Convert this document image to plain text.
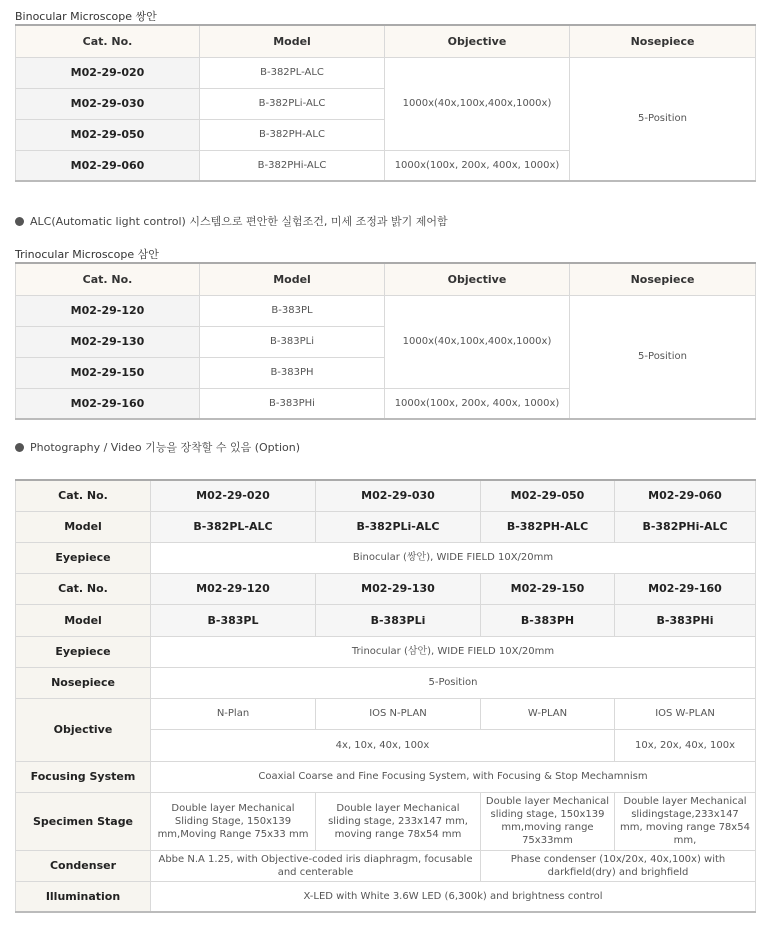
Binocular Microscope 쌍안
Cat. No.	Model	Objective	Nosepiece
M02-29-020	B-382PL-ALC	1000x(40x,100x,400x,1000x)	5-Position
M02-29-030	B-382PLi-ALC		
M02-29-050	B-382PH-ALC		
M02-29-060	B-382PHi-ALC	1000x(100x, 200x, 400x, 1000x)	
ALC(Automatic light control) 시스템으로 편안한 실험조건, 미세 조정과 밝기 제어함
Trinocular Microscope 삼안
Cat. No.	Model	Objective	Nosepiece
M02-29-120	B-383PL	1000x(40x,100x,400x,1000x)	5-Position
M02-29-130	B-383PLi		
M02-29-150	B-383PH		
M02-29-160	B-383PHi	1000x(100x, 200x, 400x, 1000x)	
Photography / Video 기능을 장착할 수 있음 (Option)
Cat. No.	M02-29-020	M02-29-030	M02-29-050	M02-29-060
Model	B-382PL-ALC	B-382PLi-ALC	B-382PH-ALC	B-382PHi-ALC
Eyepiece	Binocular (쌍안), WIDE FIELD 10X/20mm			
Cat. No.	M02-29-120	M02-29-130	M02-29-150	M02-29-160
Model	B-383PL	B-383PLi	B-383PH	B-383PHi
Eyepiece	Trinocular (삼안), WIDE FIELD 10X/20mm			
Nosepiece	5-Position			
Objective	N-Plan	IOS N-PLAN	W-PLAN	IOS W-PLAN
	4x, 10x, 40x, 100x			10x, 20x, 40x, 100x
Focusing System	Coaxial Coarse and Fine Focusing System, with Focusing & Stop Mechamnism			
Specimen Stage	Double layer Mechanical Sliding Stage, 150x139 mm,Moving Range 75x33 mm	Double layer Mechanical sliding stage, 233x147 mm, moving range 78x54 mm	Double layer Mechanical sliding stage, 150x139 mm,moving range 75x33mm	Double layer Mechanical slidingstage,233x147 mm, moving range 78x54 mm,
Condenser	Abbe N.A 1.25, with Objective-coded iris diaphragm, focusable and centerable		Phase condenser (10x/20x, 40x,100x) with darkfield(dry) and brighfield	
Illumination	X-LED with White 3.6W LED (6,300k) and brightness control			
